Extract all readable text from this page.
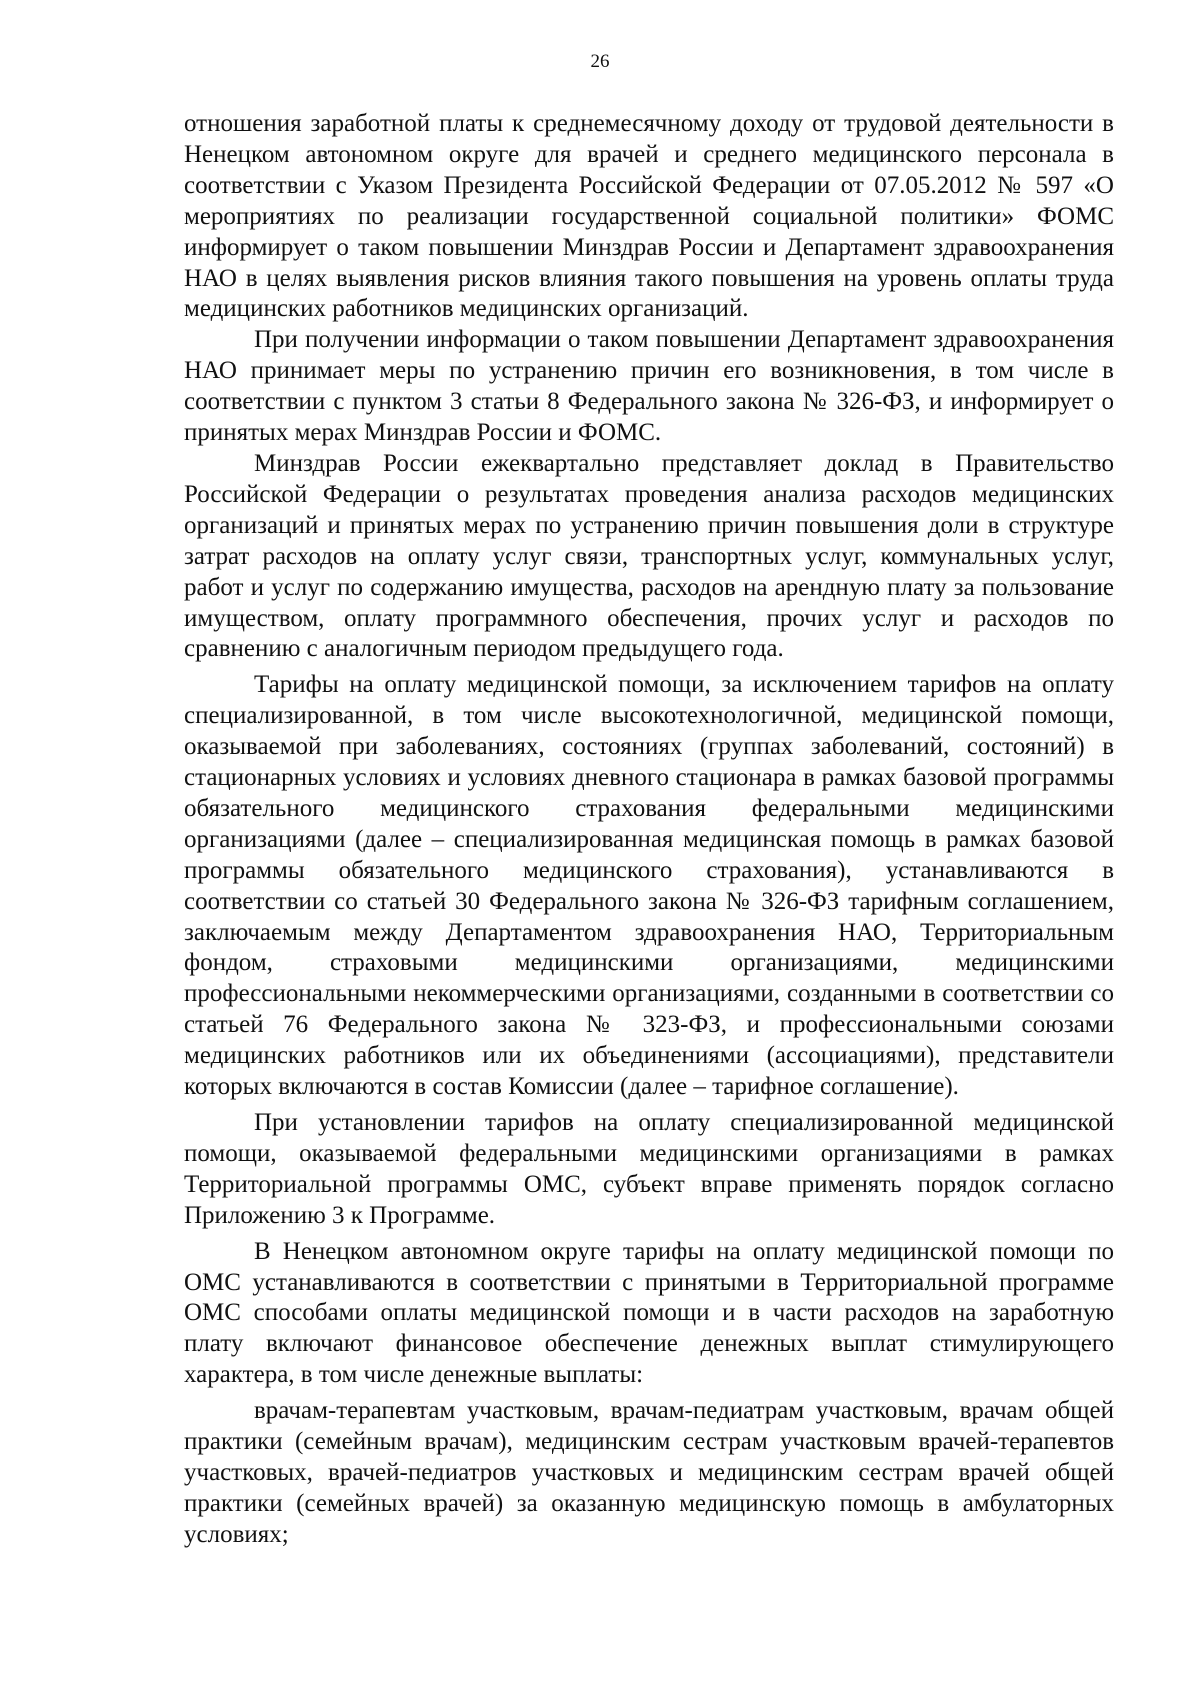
26

отношения заработной платы к среднемесячному доходу от трудовой деятельности в Ненецком автономном округе для врачей и среднего медицинского персонала в соответствии с Указом Президента Российской Федерации от 07.05.2012 № 597 «О мероприятиях по реализации государственной социальной политики» ФОМС информирует о таком повышении Минздрав России и Департамент здравоохранения НАО в целях выявления рисков влияния такого повышения на уровень оплаты труда медицинских работников медицинских организаций.

При получении информации о таком повышении Департамент здравоохранения НАО принимает меры по устранению причин его возникновения, в том числе в соответствии с пунктом 3 статьи 8 Федерального закона № 326-ФЗ, и информирует о принятых мерах Минздрав России и ФОМС.

Минздрав России ежеквартально представляет доклад в Правительство Российской Федерации о результатах проведения анализа расходов медицинских организаций и принятых мерах по устранению причин повышения доли в структуре затрат расходов на оплату услуг связи, транспортных услуг, коммунальных услуг, работ и услуг по содержанию имущества, расходов на арендную плату за пользование имуществом, оплату программного обеспечения, прочих услуг и расходов по сравнению с аналогичным периодом предыдущего года.

Тарифы на оплату медицинской помощи, за исключением тарифов на оплату специализированной, в том числе высокотехнологичной, медицинской помощи, оказываемой при заболеваниях, состояниях (группах заболеваний, состояний) в стационарных условиях и условиях дневного стационара в рамках базовой программы обязательного медицинского страхования федеральными медицинскими организациями (далее – специализированная медицинская помощь в рамках базовой программы обязательного медицинского страхования), устанавливаются в соответствии со статьей 30 Федерального закона № 326-ФЗ тарифным соглашением, заключаемым между Департаментом здравоохранения НАО, Территориальным фондом, страховыми медицинскими организациями, медицинскими профессиональными некоммерческими организациями, созданными в соответствии со статьей 76 Федерального закона № 323-ФЗ, и профессиональными союзами медицинских работников или их объединениями (ассоциациями), представители которых включаются в состав Комиссии (далее – тарифное соглашение).

При установлении тарифов на оплату специализированной медицинской помощи, оказываемой федеральными медицинскими организациями в рамках Территориальной программы ОМС, субъект вправе применять порядок согласно Приложению 3 к Программе.

В Ненецком автономном округе тарифы на оплату медицинской помощи по ОМС устанавливаются в соответствии с принятыми в Территориальной программе ОМС способами оплаты медицинской помощи и в части расходов на заработную плату включают финансовое обеспечение денежных выплат стимулирующего характера, в том числе денежные выплаты:

врачам-терапевтам участковым, врачам-педиатрам участковым, врачам общей практики (семейным врачам), медицинским сестрам участковым врачей-терапевтов участковых, врачей-педиатров участковых и медицинским сестрам врачей общей практики (семейных врачей) за оказанную медицинскую помощь в амбулаторных условиях;
